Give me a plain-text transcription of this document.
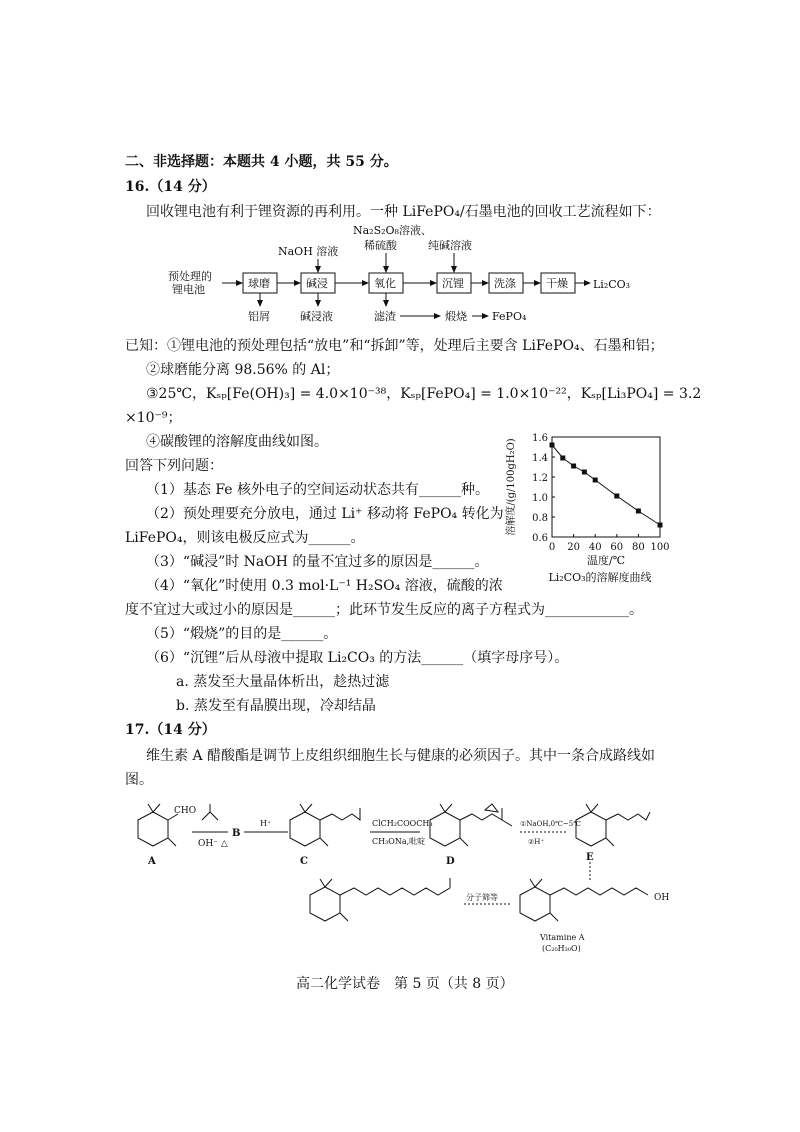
二、非选择题：本题共 4 小题，共 55 分。
16.（14 分）
回收锂电池有利于锂资源的再利用。一种 LiFePO₄/石墨电池的回收工艺流程如下：
预处理的
锂电池	球磨	碱浸	氧化	沉锂	洗涤	干燥 Li₂CO₃
NaOH 溶液
Na₂S₂O₈溶液、
稀硫酸	纯碱溶液
铝屑	碱浸液	滤渣	煅烧 FePO₄
已知：①锂电池的预处理包括“放电”和“拆卸”等，处理后主要含 LiFePO₄、石墨和铝；
②球磨能分离 98.56% 的 Al；
③25℃，Kₛₚ[Fe(OH)₃] = 4.0×10⁻³⁸，Kₛₚ[FePO₄] = 1.0×10⁻²²，Kₛₚ[Li₃PO₄] = 3.2
×10⁻⁹；
④碳酸锂的溶解度曲线如图。
回答下列问题：
（1）基态 Fe 核外电子的空间运动状态共有______种。
（2）预处理要充分放电，通过 Li⁺ 移动将 FePO₄ 转化为
LiFePO₄，则该电极反应式为______。
（3）“碱浸”时 NaOH 的量不宜过多的原因是______。
（4）“氧化”时使用 0.3 mol·L⁻¹ H₂SO₄ 溶液，硫酸的浓
度不宜过大或过小的原因是______；此环节发生反应的离子方程式为____________。
（5）“煅烧”的目的是______。
（6）“沉锂”后从母液中提取 Li₂CO₃ 的方法______（填字母序号）。
a. 蒸发至大量晶体析出，趁热过滤
b. 蒸发至有晶膜出现，冷却结晶
0.6
0.8
1.0
1.2
1.4
1.6
0 20 40 60 80 100
温度/℃
溶解度/(g/100gH₂O)
Li₂CO₃的溶解度曲线
17.（14 分）
维生素 A 醋酸酯是调节上皮组织细胞生长与健康的必须因子。其中一条合成路线如
图。
CHO
A
OH⁻ △
B
H⁺
C
ClCH₂COOCH₃
CH₃ONa,吡啶
D
①NaOH,0℃~5℃
②H⁺
E
OH
Vitamine A
(C₂₀H₃₀O)
分子筛等
高二化学试卷　第 5 页（共 8 页）
